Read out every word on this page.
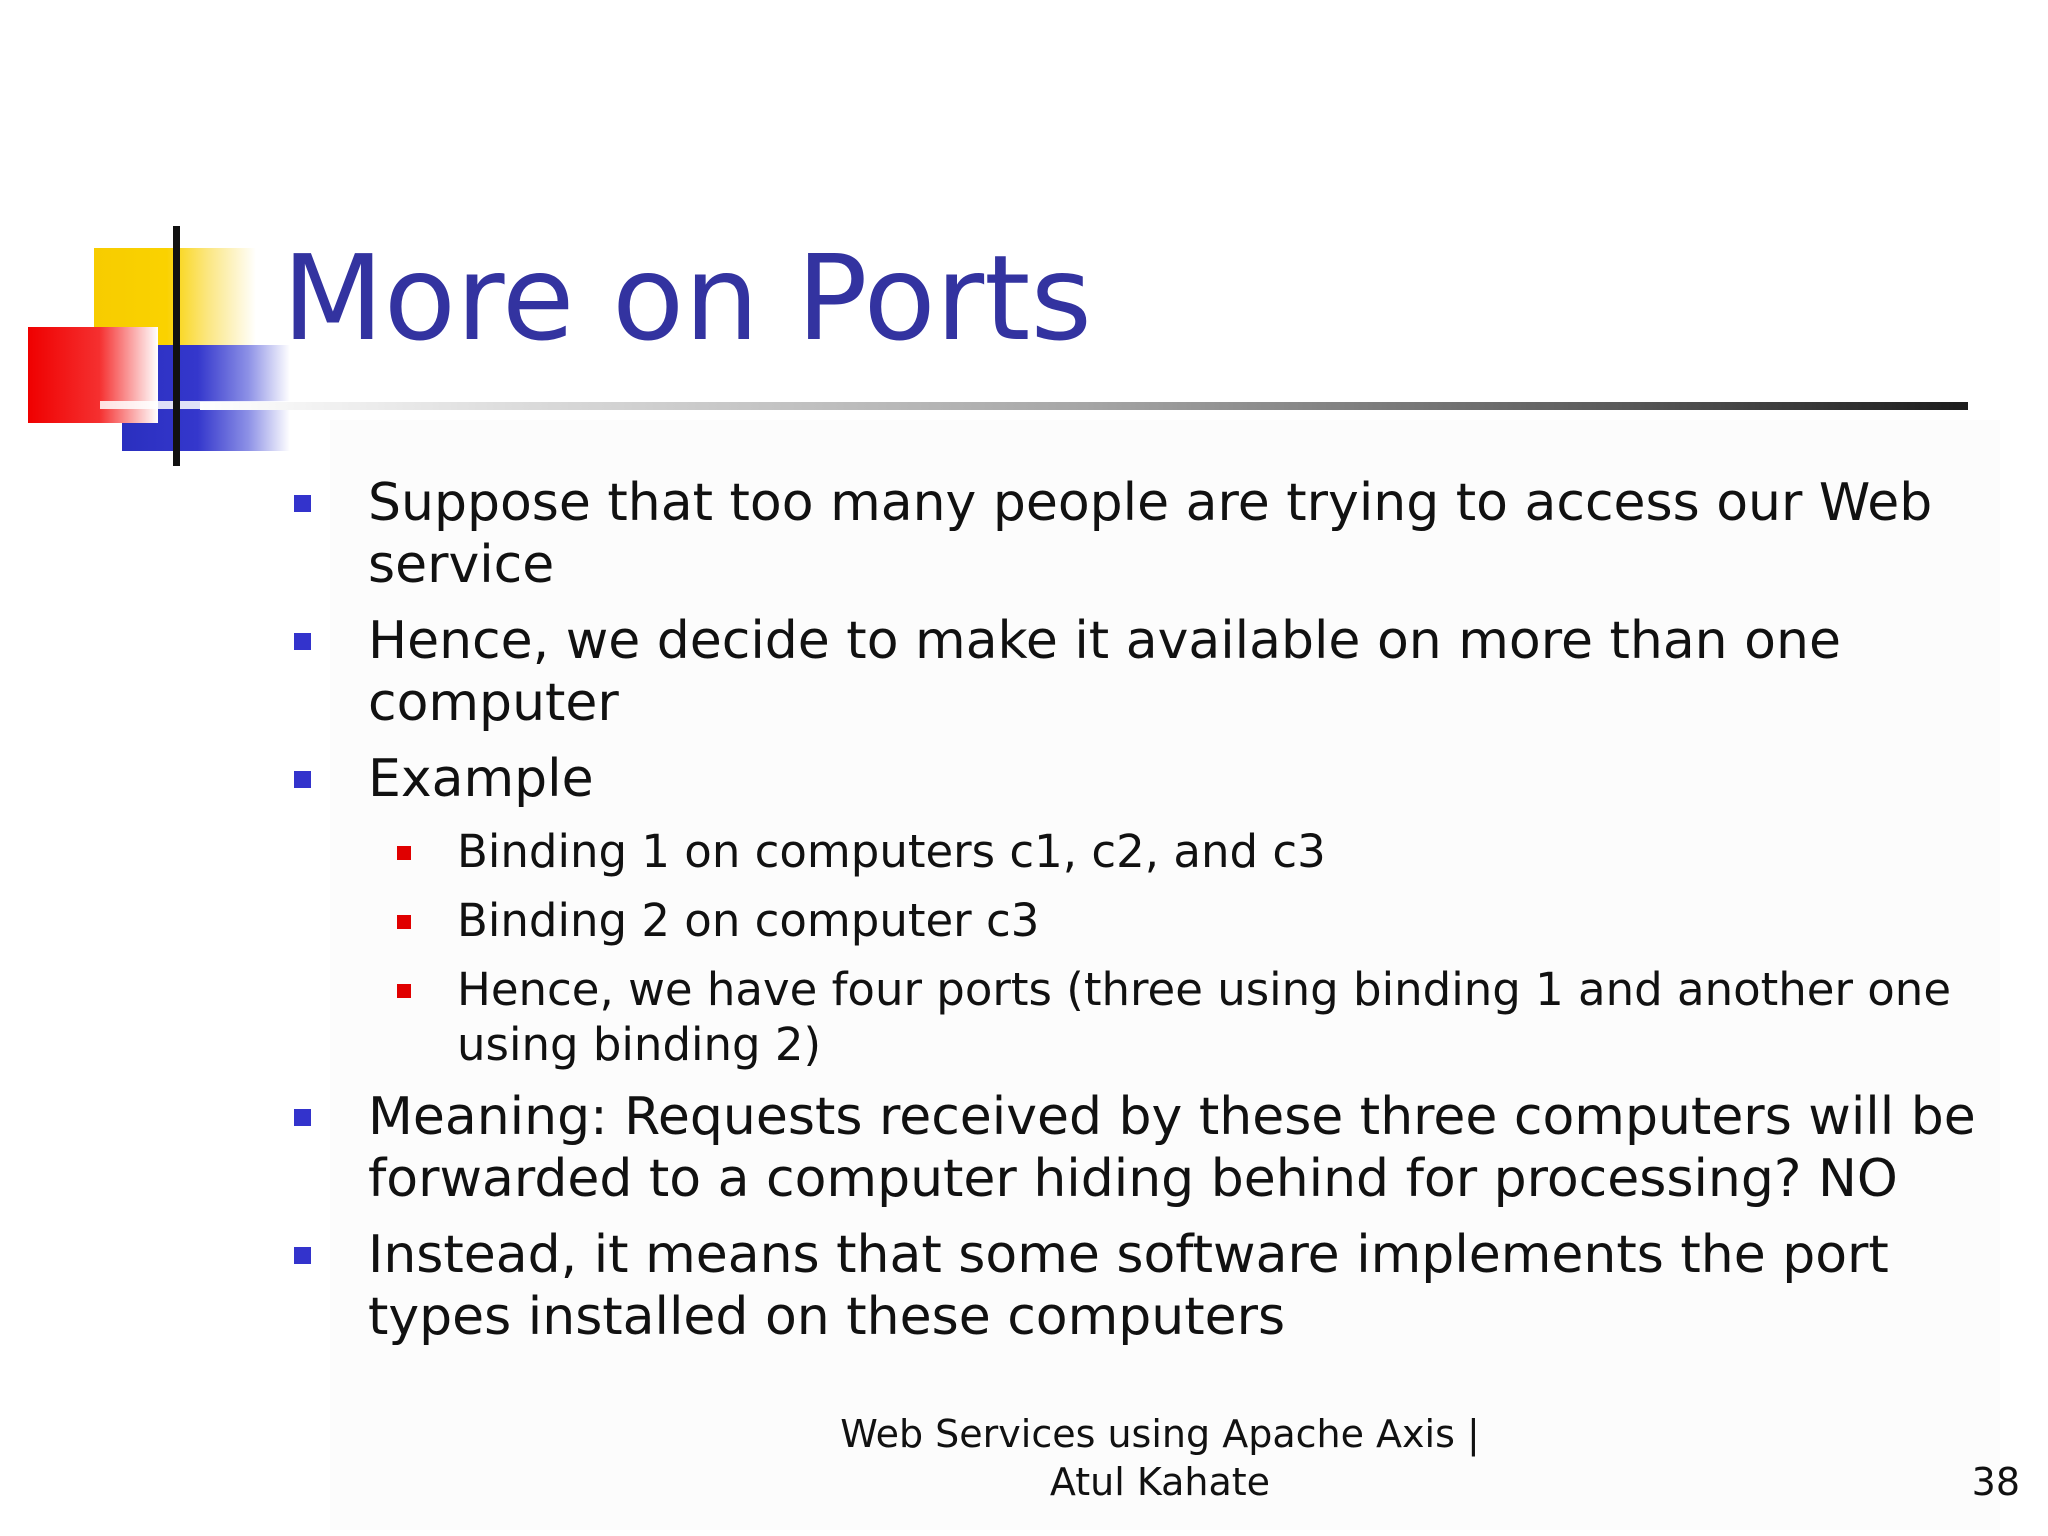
More on Ports
Suppose that too many people are trying to access our Web service
Hence, we decide to make it available on more than one computer
Example
Binding 1 on computers c1, c2, and c3
Binding 2 on computer c3
Hence, we have four ports (three using binding 1 and another one using binding 2)
Meaning: Requests received by these three computers will be forwarded to a computer hiding behind for processing? NO
Instead, it means that some software implements the port types installed on these computers
Web Services using Apache Axis |
Atul Kahate	38
